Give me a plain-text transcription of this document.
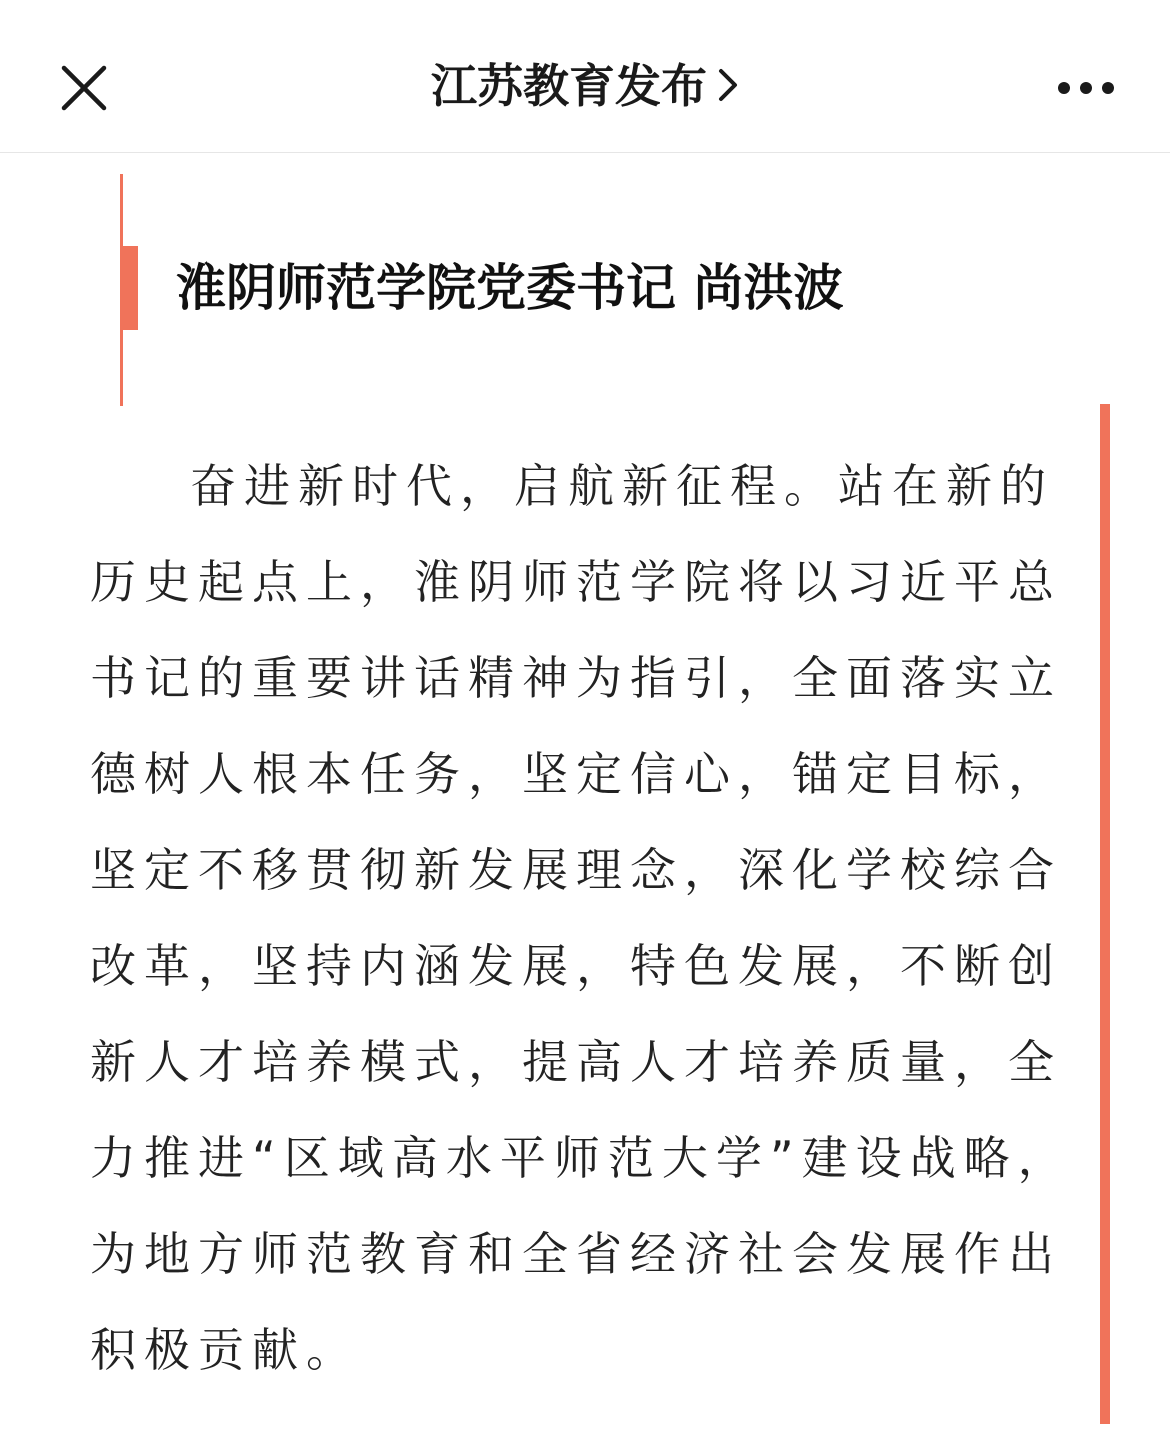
江苏教育发布
淮阴师范学院党委书记 尚洪波

奋进新时代，启航新征程。站在新的历史起点上，淮阴师范学院将以习近平总书记的重要讲话精神为指引，全面落实立德树人根本任务，坚定信心，锚定目标，坚定不移贯彻新发展理念，深化学校综合改革，坚持内涵发展，特色发展，不断创新人才培养模式，提高人才培养质量，全力推进“区域高水平师范大学”建设战略，为地方师范教育和全省经济社会发展作出积极贡献。
